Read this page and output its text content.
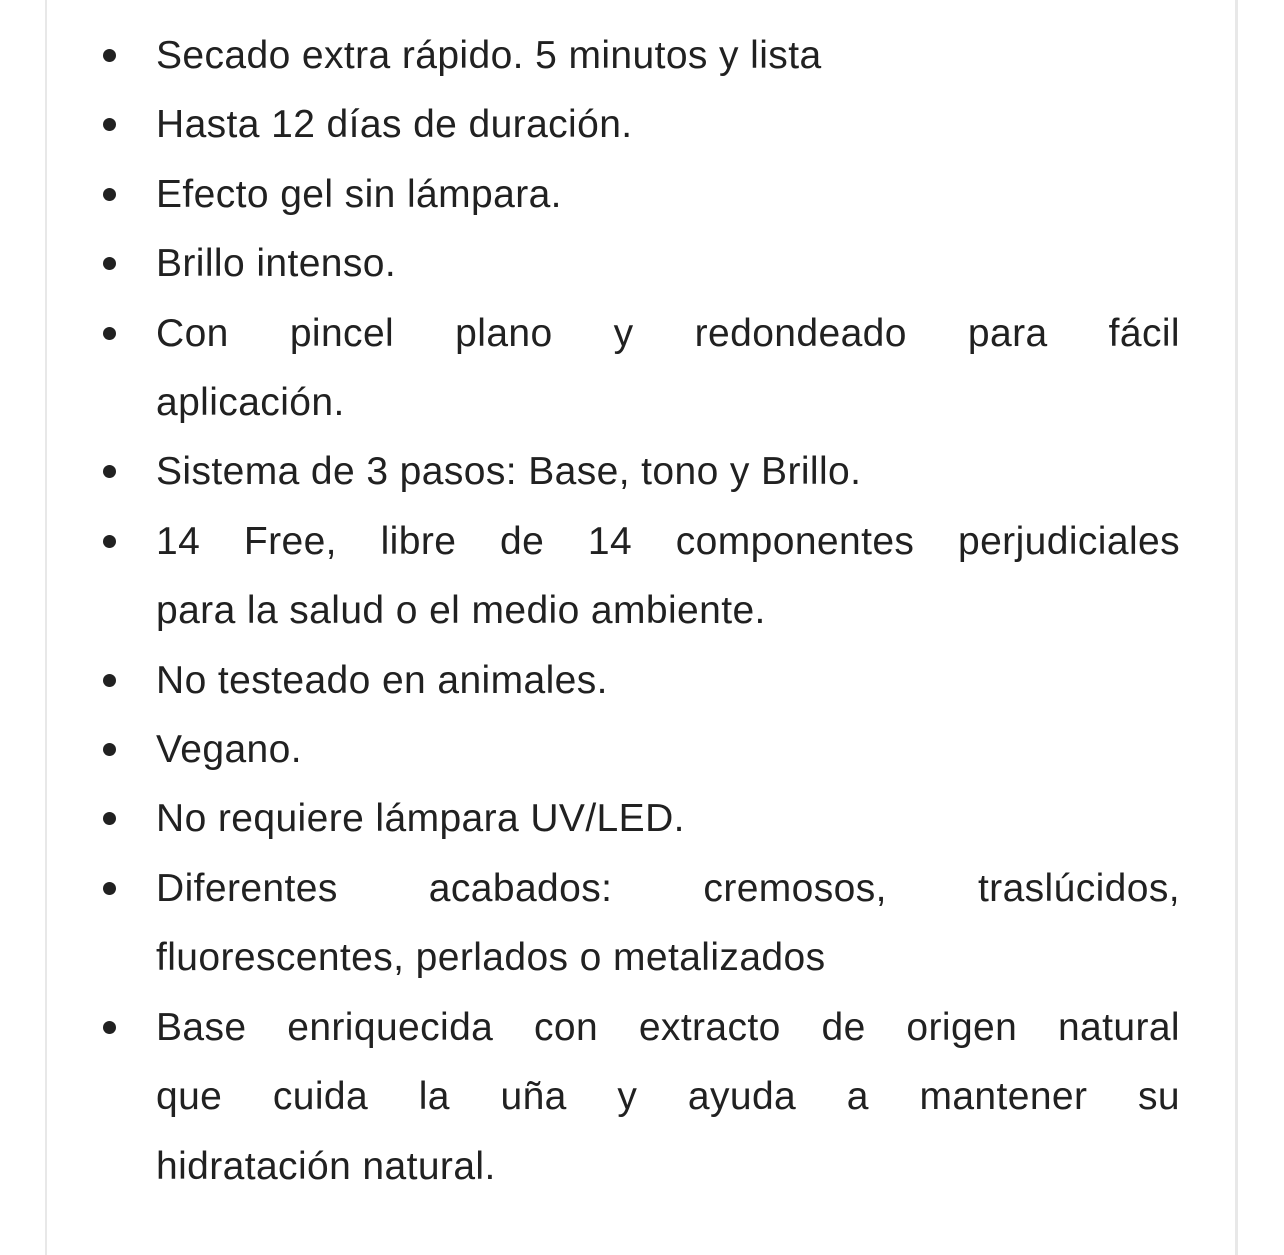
Secado extra rápido. 5 minutos y lista
Hasta 12 días de duración.
Efecto gel sin lámpara.
Brillo intenso.
Con pincel plano y redondeado para fácil
aplicación.
Sistema de 3 pasos: Base, tono y Brillo.
14 Free, libre de 14 componentes perjudiciales
para la salud o el medio ambiente.
No testeado en animales.
Vegano.
No requiere lámpara UV/LED.
Diferentes acabados: cremosos, traslúcidos,
fluorescentes, perlados o metalizados
Base enriquecida con extracto de origen natural
que cuida la uña y ayuda a mantener su
hidratación natural.
